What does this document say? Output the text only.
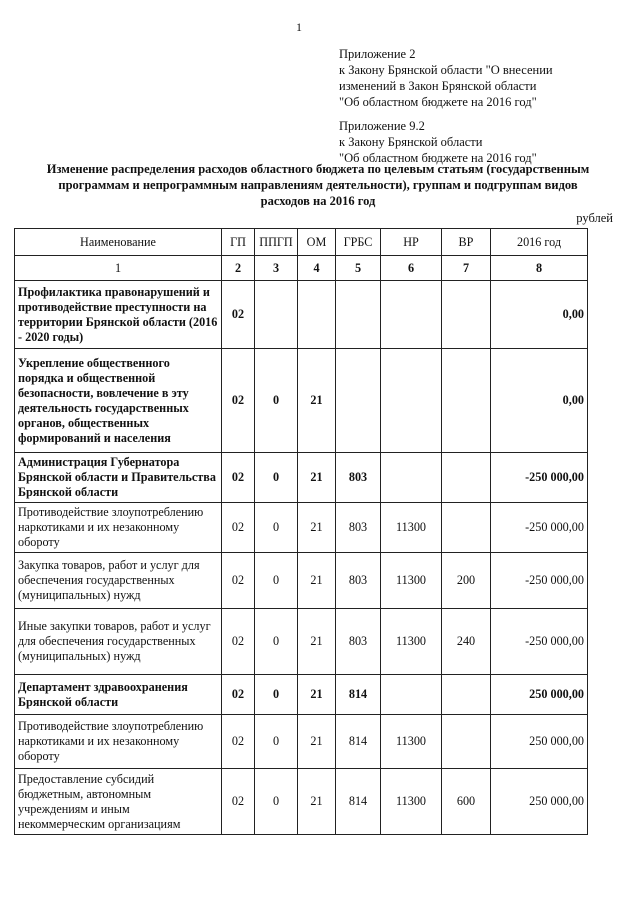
1
Приложение 2
к Закону Брянской области "О внесении
изменений в Закон Брянской области
"Об областном бюджете на 2016 год"
Приложение 9.2
к Закону Брянской области
"Об областном бюджете на 2016 год"
Изменение распределения расходов областного бюджета по целевым статьям (государственным программам и непрограммным направлениям деятельности), группам и подгруппам видов расходов на 2016 год
рублей
Наименование	ГП	ППГП	ОМ	ГРБС	НР	ВР	2016 год
1	2	3	4	5	6	7	8
Профилактика правонарушений и противодействие преступности на территории Брянской области (2016 - 2020 годы)	02						0,00
Укрепление общественного порядка и общественной безопасности, вовлечение в эту деятельность государственных органов, общественных формирований и населения	02	0	21				0,00
Администрация Губернатора Брянской области и Правительства Брянской области	02	0	21	803			-250 000,00
Противодействие злоупотреблению наркотиками и их незаконному обороту	02	0	21	803	11300		-250 000,00
Закупка товаров, работ и услуг для обеспечения государственных (муниципальных) нужд	02	0	21	803	11300	200	-250 000,00
Иные закупки товаров, работ и услуг для обеспечения государственных (муниципальных) нужд	02	0	21	803	11300	240	-250 000,00
Департамент здравоохранения Брянской области	02	0	21	814			250 000,00
Противодействие злоупотреблению наркотиками и их незаконному обороту	02	0	21	814	11300		250 000,00
Предоставление субсидий бюджетным, автономным учреждениям и иным некоммерческим организациям	02	0	21	814	11300	600	250 000,00
